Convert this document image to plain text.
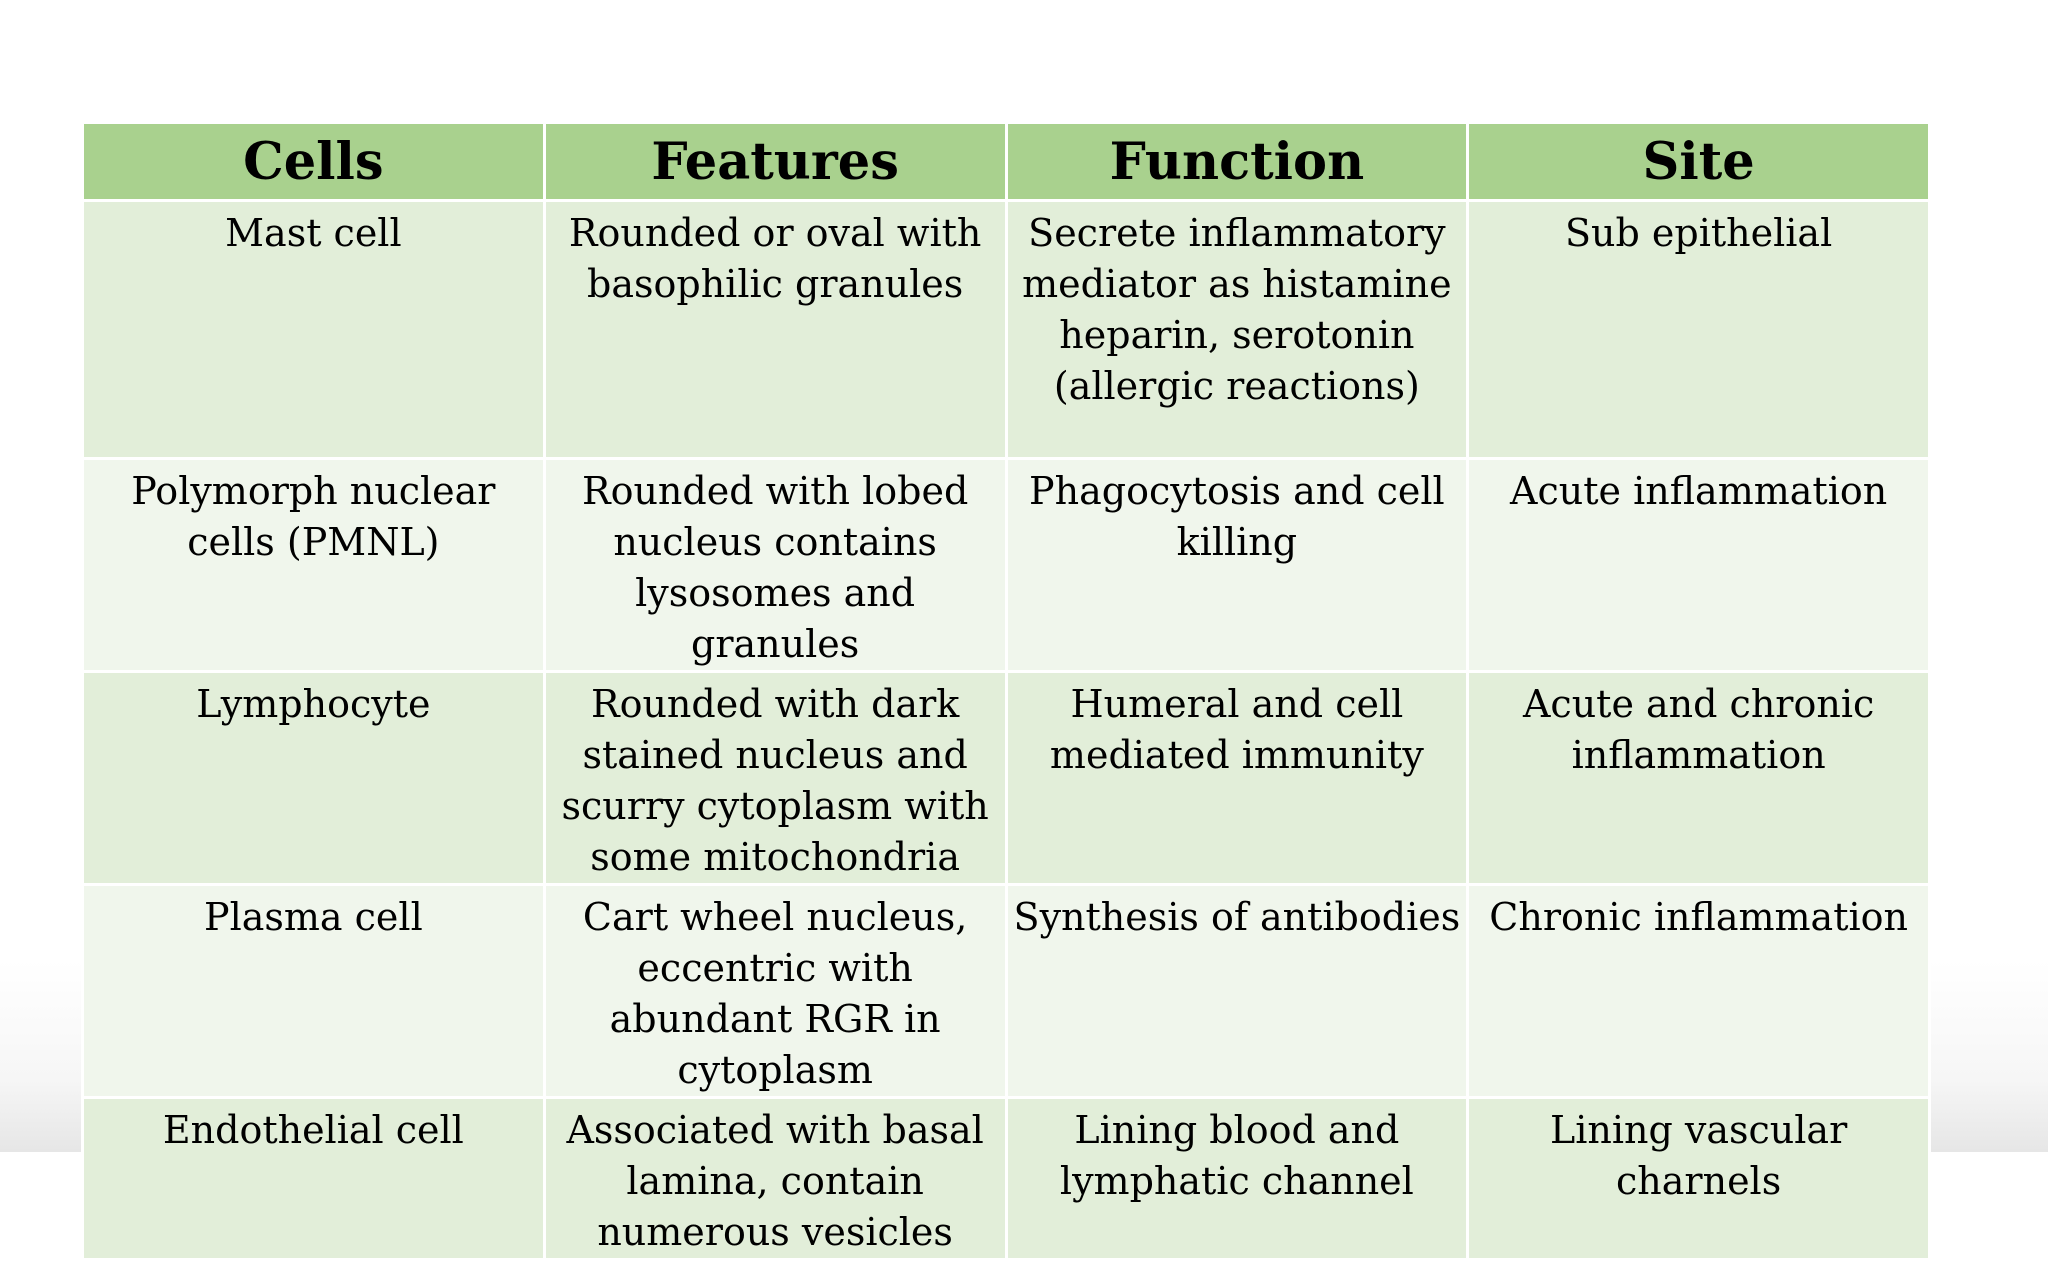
Cells	Features	Function	Site
Mast cell	Rounded or oval with basophilic granules	Secrete inflammatory mediator as histamine heparin, serotonin (allergic reactions)	Sub epithelial
Polymorph nuclear cells (PMNL)	Rounded with lobed nucleus contains lysosomes and granules	Phagocytosis and cell killing	Acute inflammation
Lymphocyte	Rounded with dark stained nucleus and scurry cytoplasm with some mitochondria	Humeral and cell mediated immunity	Acute and chronic inflammation
Plasma cell	Cart wheel nucleus, eccentric with abundant RGR in cytoplasm	Synthesis of antibodies	Chronic inflammation
Endothelial cell	Associated with basal lamina, contain numerous vesicles	Lining blood and lymphatic channel	Lining vascular charnels
